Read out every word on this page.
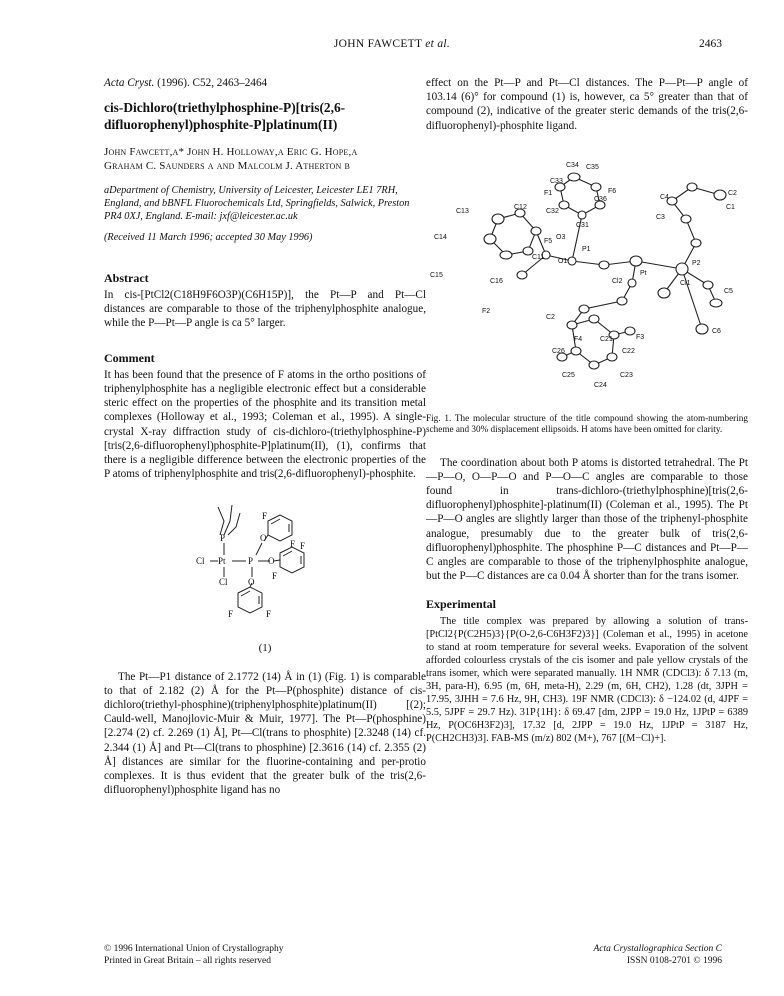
JOHN FAWCETT et al.	2463
Acta Cryst. (1996). C52, 2463–2464
cis-Dichloro(triethylphosphine-P)[tris(2,6-
difluorophenyl)phosphite-P]platinum(II)
John Fawcett,a* John H. Holloway,a Eric G. Hope,a
Graham C. Saunders a and Malcolm J. Atherton b
aDepartment of Chemistry, University of Leicester, Leicester LE1 7RH, England, and bBNFL Fluorochemicals Ltd, Springfields, Salwick, Preston PR4 0XJ, England. E-mail: jxf@leicester.ac.uk
(Received 11 March 1996; accepted 30 May 1996)
Abstract

In cis-[PtCl2(C18H9F6O3P)(C6H15P)], the Pt—P and Pt—Cl distances are comparable to those of the triphenylphosphite analogue, while the P—Pt—P angle is ca 5° larger.

Comment

It has been found that the presence of F atoms in the ortho positions of triphenylphosphite has a negligible electronic effect but a considerable steric effect on the properties of the phosphite and its transition metal complexes (Holloway et al., 1993; Coleman et al., 1995). A single-crystal X-ray diffraction study of cis-dichloro-(triethylphosphine-P)[tris(2,6-difluorophenyl)phosphite-P]platinum(II), (1), confirms that there is a negligible difference between the electronic properties of the P atoms of triphenylphosphite and tris(2,6-difluorophenyl)-phosphite.

P
Pt
Cl
Cl
P
O
O
O
F
F F
F
F	F
(1)

The Pt—P1 distance of 2.1772 (14) Å in (1) (Fig. 1) is comparable to that of 2.182 (2) Å for the Pt—P(phosphite) distance of cis-dichloro(triethyl-phosphine)(triphenylphosphite)platinum(II) [(2); Cauld-well, Manojlovic-Muir & Muir, 1977]. The Pt—P(phosphine) [2.274 (2) cf. 2.269 (1) Å], Pt—Cl(trans to phosphite) [2.3248 (14) cf. 2.344 (1) Å] and Pt—Cl(trans to phosphine) [2.3616 (14) cf. 2.355 (2) Å] distances are similar for the fluorine-containing and per-protio complexes. It is thus evident that the greater bulk of the tris(2,6-difluorophenyl)phosphite ligand has no

effect on the Pt—P and Pt—Cl distances. The P—Pt—P angle of 103.14 (6)° for compound (1) is, however, ca 5° greater than that of compound (2), indicative of the greater steric demands of the tris(2,6-difluorophenyl)-phosphite ligand.

C34 C35
C33
F6
F1
C36
C13
C12
C32
C31
O3
C2
C4
C1
C3
C14
F5
C11
P1
O1	P2
Pt
C15
C16	Cl2	Cl1
C5
F2
C2
C6
C21
F4	F3
C26	C22
C25	C23
C24
Fig. 1. The molecular structure of the title compound showing the atom-numbering scheme and 30% displacement ellipsoids. H atoms have been omitted for clarity.

The coordination about both P atoms is distorted tetrahedral. The Pt—P—O, O—P—O and P—O—C angles are comparable to those found in trans-dichloro-(triethylphosphine)[tris(2,6-difluorophenyl)phosphite]-platinum(II) (Coleman et al., 1995). The Pt—P—O angles are slightly larger than those of the triphenyl-phosphite analogue, presumably due to the greater bulk of tris(2,6-difluorophenyl)phosphite. The phosphine P—C distances and Pt—P—C angles are comparable to those of the triphenylphosphite analogue, but the P—C distances are ca 0.04 Å shorter than for the trans isomer.

Experimental

The title complex was prepared by allowing a solution of trans-[PtCl2{P(C2H5)3}{P(O-2,6-C6H3F2)3}] (Coleman et al., 1995) in acetone to stand at room temperature for several weeks. Evaporation of the solvent afforded colourless crystals of the cis isomer and pale yellow crystals of the trans isomer, which were separated manually. 1H NMR (CDCl3): δ 7.13 (m, 3H, para-H), 6.95 (m, 6H, meta-H), 2.29 (m, 6H, CH2), 1.28 (dt, 3JPH = 17.95, 3JHH = 7.6 Hz, 9H, CH3). 19F NMR (CDCl3): δ −124.02 (d, 4JPF = 5.5, 5JPF = 29.7 Hz). 31P{1H}: δ 69.47 [dm, 2JPP = 19.0 Hz, 1JPtP = 6389 Hz, P(OC6H3F2)3], 17.32 [d, 2JPP = 19.0 Hz, 1JPtP = 3187 Hz, P(CH2CH3)3]. FAB-MS (m/z) 802 (M+), 767 [(M−Cl)+].

© 1996 International Union of Crystallography
Printed in Great Britain – all rights reserved
Acta Crystallographica Section C
ISSN 0108-2701 © 1996
